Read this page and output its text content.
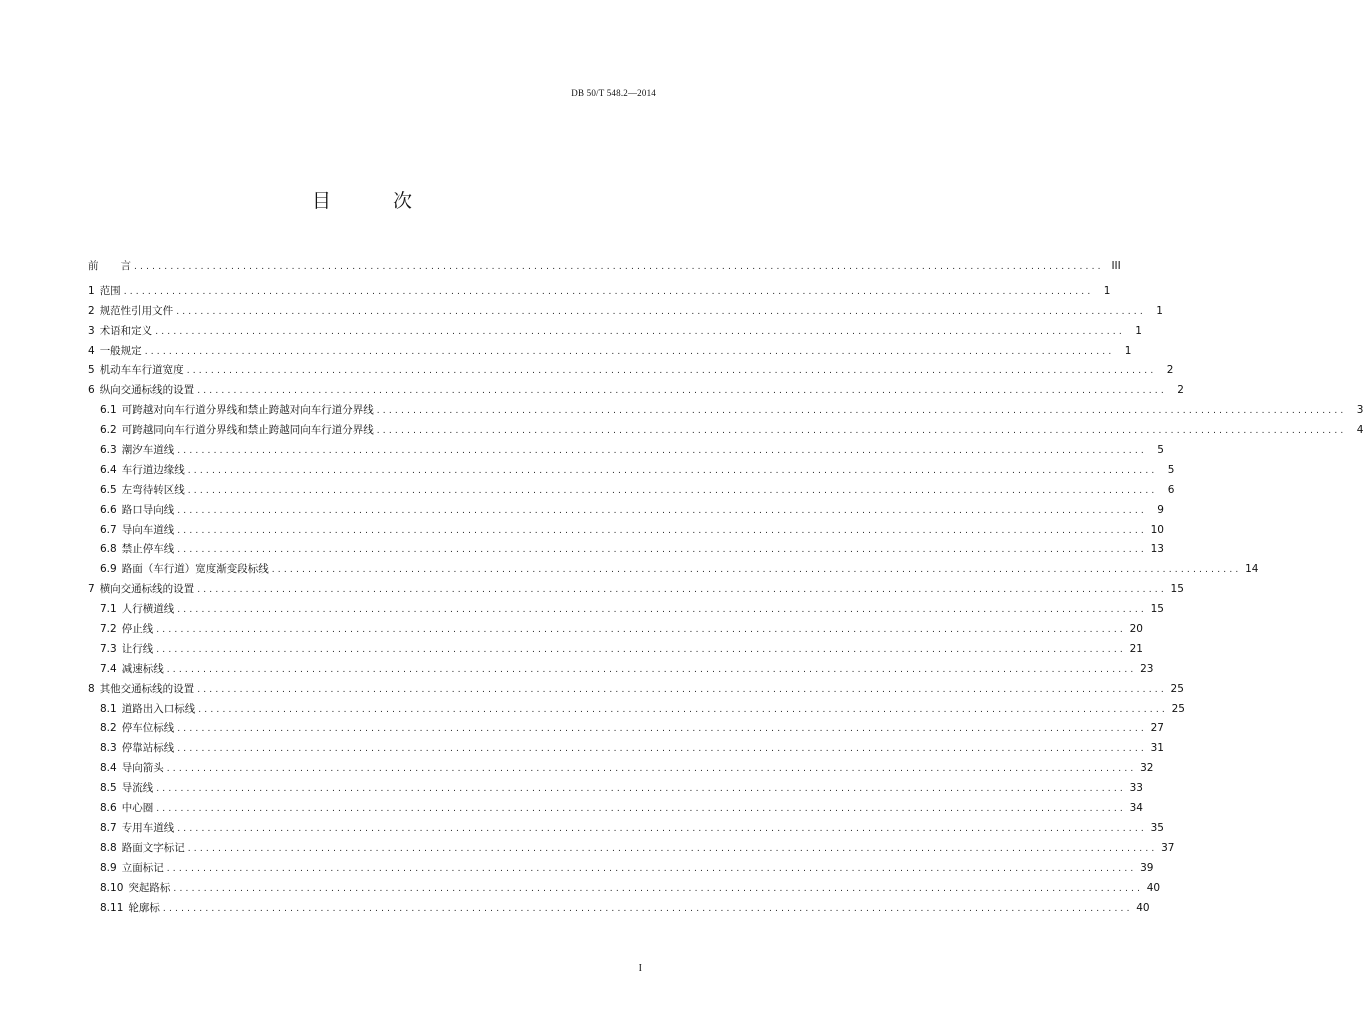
DB 50/T 548.2—2014
目 次
前 言 ................................................................................................................................................................ III
1 范围 ................................................................................................................................................................ 1
2 规范性引用文件 ................................................................................................................................................................ 1
3 术语和定义 ................................................................................................................................................................ 1
4 一般规定 ................................................................................................................................................................ 1
5 机动车车行道宽度 ................................................................................................................................................................ 2
6 纵向交通标线的设置 ................................................................................................................................................................ 2
6.1 可跨越对向车行道分界线和禁止跨越对向车行道分界线 ................................................................................................................................................................ 3
6.2 可跨越同向车行道分界线和禁止跨越同向车行道分界线 ................................................................................................................................................................ 4
6.3 潮汐车道线 ................................................................................................................................................................ 5
6.4 车行道边缘线 ................................................................................................................................................................ 5
6.5 左弯待转区线 ................................................................................................................................................................ 6
6.6 路口导向线 ................................................................................................................................................................ 9
6.7 导向车道线 ................................................................................................................................................................ 10
6.8 禁止停车线 ................................................................................................................................................................ 13
6.9 路面（车行道）宽度渐变段标线 ................................................................................................................................................................ 14
7 横向交通标线的设置 ................................................................................................................................................................ 15
7.1 人行横道线 ................................................................................................................................................................ 15
7.2 停止线 ................................................................................................................................................................ 20
7.3 让行线 ................................................................................................................................................................ 21
7.4 减速标线 ................................................................................................................................................................ 23
8 其他交通标线的设置 ................................................................................................................................................................ 25
8.1 道路出入口标线 ................................................................................................................................................................ 25
8.2 停车位标线 ................................................................................................................................................................ 27
8.3 停靠站标线 ................................................................................................................................................................ 31
8.4 导向箭头 ................................................................................................................................................................ 32
8.5 导流线 ................................................................................................................................................................ 33
8.6 中心圈 ................................................................................................................................................................ 34
8.7 专用车道线 ................................................................................................................................................................ 35
8.8 路面文字标记 ................................................................................................................................................................ 37
8.9 立面标记 ................................................................................................................................................................ 39
8.10 突起路标 ................................................................................................................................................................ 40
8.11 轮廓标 ................................................................................................................................................................ 40
I
